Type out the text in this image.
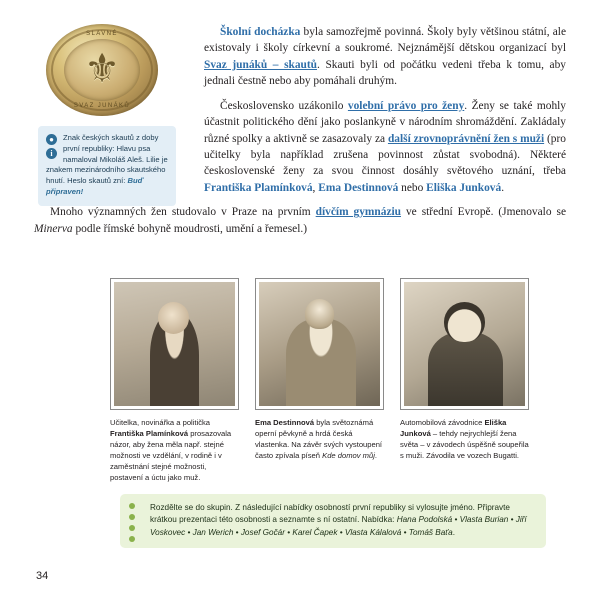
SLAVNÉ
SVAZ JUNÁKŮ
⚜
●
i
Znak českých skautů z doby první republiky: Hlavu psa namaloval Mikoláš Aleš. Lilie je znakem mezinárodního skautského hnutí. Heslo skautů zní: Buď připraven!

Školní docházka byla samozřejmě povinná. Školy byly většinou státní, ale existovaly i školy církevní a soukromé. Nejznámější dětskou organizací byl Svaz junáků – skautů. Skauti byli od počátku vedeni třeba k tomu, aby jednali čestně nebo aby pomáhali druhým.

Československo uzákonilo volební právo pro ženy. Ženy se také mohly účastnit politického dění jako poslankyně v národním shromáždění. Zakládaly různé spolky a aktivně se zasazovaly za další zrovnoprávnění žen s muži (pro učitelky byla například zrušena povinnost zůstat svobodná). Některé československé ženy za svou činnost dosáhly světového uznání, třeba Františka Plamínková, Ema Destinnová nebo Eliška Junková.

Mnoho významných žen studovalo v Praze na prvním dívčím gymnáziu ve střední Evropě. (Jmenovalo se Minerva podle římské bohyně moudrosti, umění a řemesel.)

Učitelka, novinářka a politička Františka Plamínková prosazovala názor, aby žena měla např. stejné možnosti ve vzdělání, v rodině i v zaměstnání stejné možnosti, postavení a úctu jako muž.
Ema Destinnová byla světoznámá operní pěvkyně a hrdá česká vlastenka. Na závěr svých vystoupení často zpívala píseň Kde domov můj.
Automobilová závodnice Eliška Junková – tehdy nejrychlejší žena světa – v závodech úspěšně soupeřila s muži. Závodila ve vozech Bugatti.
Rozdělte se do skupin. Z následující nabídky osobností první republiky si vylosujte jméno. Připravte krátkou prezentaci této osobnosti a seznamte s ní ostatní. Nabídka: Hana Podolská • Vlasta Burian • Jiří Voskovec • Jan Werich • Josef Gočár • Karel Čapek • Vlasta Kálalová • Tomáš Baťa.
34
